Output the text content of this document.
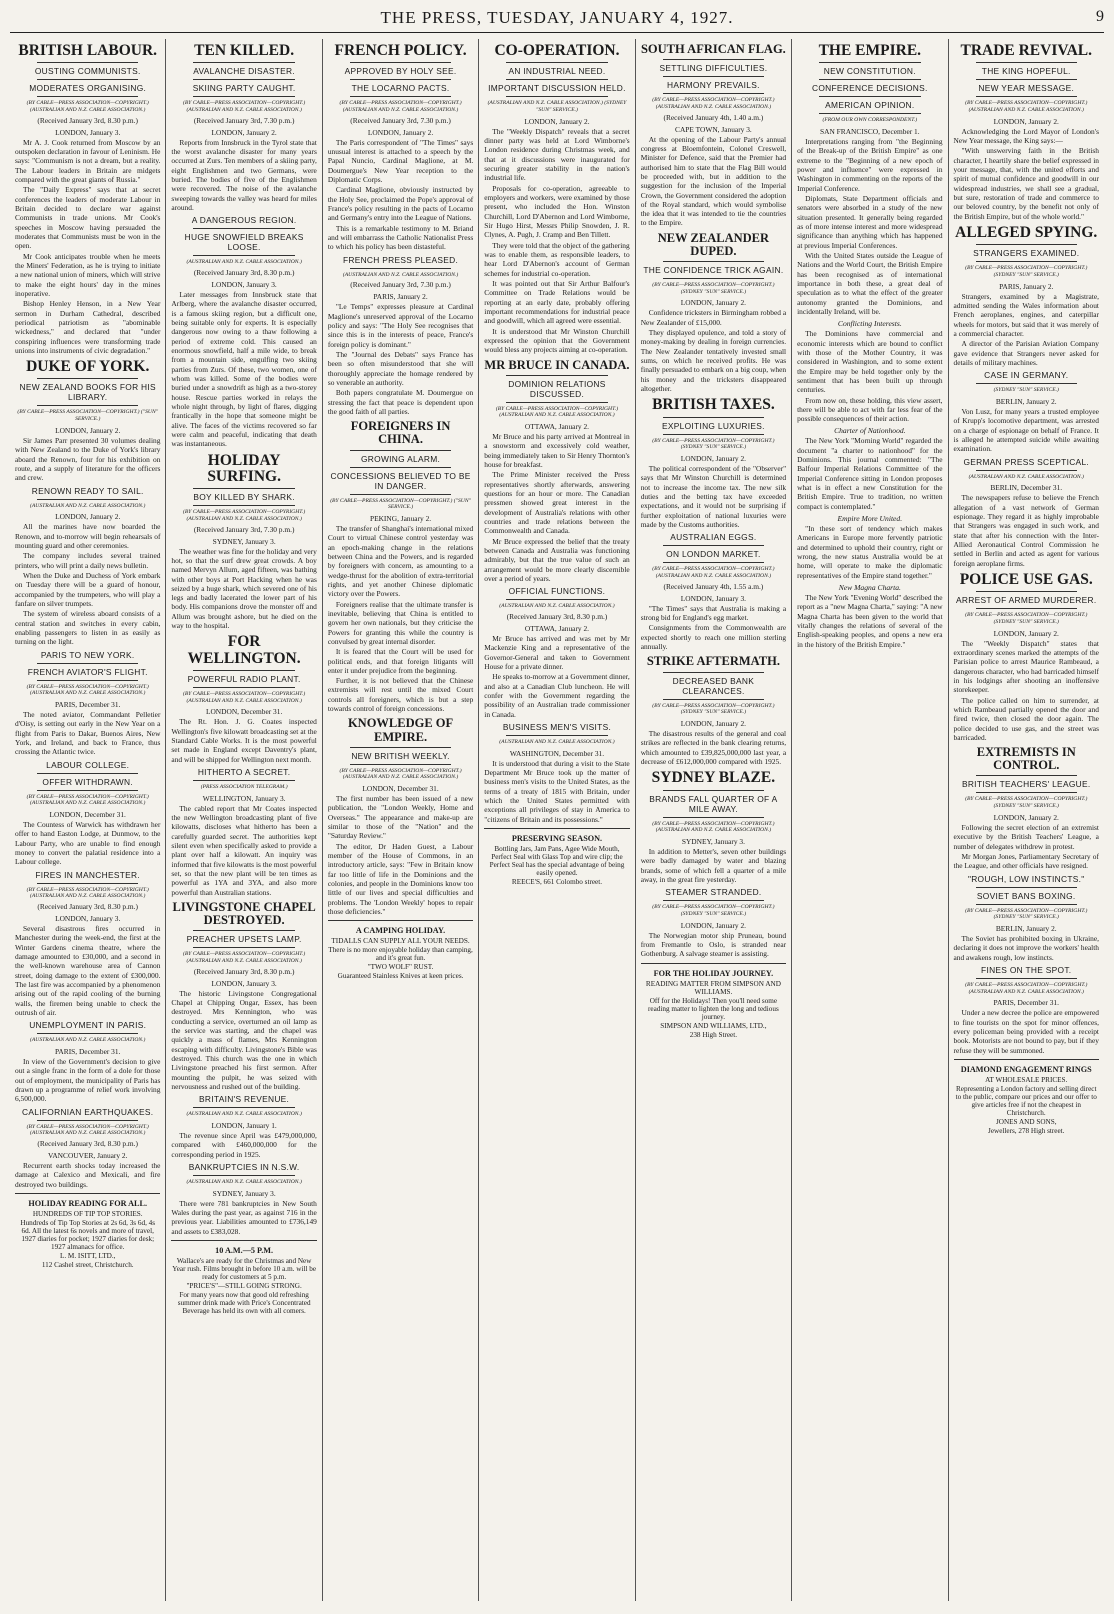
THE PRESS, TUESDAY, JANUARY 4, 1927.	9
BRITISH LABOUR.
OUSTING COMMUNISTS.
MODERATES ORGANISING.
(BY CABLE—PRESS ASSOCIATION—COPYRIGHT.) (AUSTRALIAN AND N.Z. CABLE ASSOCIATION.)
(Received January 3rd, 8.30 p.m.)
LONDON, January 3.

Mr A. J. Cook returned from Moscow by an outspoken declaration in favour of Leninism. He says: "Communism is not a dream, but a reality. The Labour leaders in Britain are midgets compared with the great giants of Russia."

The "Daily Express" says that at secret conferences the leaders of moderate Labour in Britain decided to declare war against Communists in trade unions. Mr Cook's speeches in Moscow having persuaded the moderates that Communists must be won in the open.

Mr Cook anticipates trouble when he meets the Miners' Federation, as he is trying to initiate a new national union of miners, which will strive to make the eight hours' day in the mines inoperative.

Bishop Henley Henson, in a New Year sermon in Durham Cathedral, described periodical patriotism as "abominable wickedness," and declared that "under conspiring influences were transforming trade unions into instruments of civic degradation."

DUKE OF YORK.
NEW ZEALAND BOOKS FOR HIS LIBRARY.
(BY CABLE—PRESS ASSOCIATION—COPYRIGHT.) ("SUN" SERVICE.)
LONDON, January 2.

Sir James Parr presented 30 volumes dealing with New Zealand to the Duke of York's library aboard the Renown, four for his exhibition on route, and a supply of literature for the officers and crew.

RENOWN READY TO SAIL.
(AUSTRALIAN AND N.Z. CABLE ASSOCIATION.)
LONDON, January 2.

All the marines have now boarded the Renown, and to-morrow will begin rehearsals of mounting guard and other ceremonies.

The company includes several trained printers, who will print a daily news bulletin.

When the Duke and Duchess of York embark on Tuesday there will be a guard of honour, accompanied by the trumpeters, who will play a fanfare on silver trumpets.

The system of wireless aboard consists of a central station and switches in every cabin, enabling passengers to listen in as easily as turning on the light.

PARIS TO NEW YORK.
FRENCH AVIATOR'S FLIGHT.
(BY CABLE—PRESS ASSOCIATION—COPYRIGHT.) (AUSTRALIAN AND N.Z. CABLE ASSOCIATION.)
PARIS, December 31.

The noted aviator, Commandant Pelletier d'Oisy, is setting out early in the New Year on a flight from Paris to Dakar, Buenos Aires, New York, and Ireland, and back to France, thus crossing the Atlantic twice.

LABOUR COLLEGE.
OFFER WITHDRAWN.
(BY CABLE—PRESS ASSOCIATION—COPYRIGHT.) (AUSTRALIAN AND N.Z. CABLE ASSOCIATION.)
LONDON, December 31.

The Countess of Warwick has withdrawn her offer to hand Easton Lodge, at Dunmow, to the Labour Party, who are unable to find enough money to convert the palatial residence into a Labour college.

FIRES IN MANCHESTER.
(BY CABLE—PRESS ASSOCIATION—COPYRIGHT.) (AUSTRALIAN AND N.Z. CABLE ASSOCIATION.)
(Received January 3rd, 8.30 p.m.)
LONDON, January 3.

Several disastrous fires occurred in Manchester during the week-end, the first at the Winter Gardens cinema theatre, where the damage amounted to £30,000, and a second in the well-known warehouse area of Cannon street, doing damage to the extent of £300,000. The last fire was accompanied by a phenomenon arising out of the rapid cooling of the burning walls, the firemen being unable to check the outrush of air.

UNEMPLOYMENT IN PARIS.
(AUSTRALIAN AND N.Z. CABLE ASSOCIATION.)
PARIS, December 31.

In view of the Government's decision to give out a single franc in the form of a dole for those out of employment, the municipality of Paris has drawn up a programme of relief work involving 6,500,000.

CALIFORNIAN EARTHQUAKES.
(BY CABLE—PRESS ASSOCIATION—COPYRIGHT.) (AUSTRALIAN AND N.Z. CABLE ASSOCIATION.)
(Received January 3rd, 8.30 p.m.)
VANCOUVER, January 2.

Recurrent earth shocks today increased the damage at Calexico and Mexicali, and fire destroyed two buildings.

HOLIDAY READING FOR ALL.
HUNDREDS OF TIP TOP STORIES.
Hundreds of Tip Top Stories at 2s 6d, 3s 6d, 4s 6d. All the latest 6s novels and more of travel, 1927 diaries for pocket; 1927 diaries for desk; 1927 almanacs for office.
L. M. ISITT, LTD.,
112 Cashel street, Christchurch.
TEN KILLED.
AVALANCHE DISASTER.
SKIING PARTY CAUGHT.
(BY CABLE—PRESS ASSOCIATION—COPYRIGHT.) (AUSTRALIAN AND N.Z. CABLE ASSOCIATION.)
(Received January 3rd, 7.30 p.m.)
LONDON, January 2.

Reports from Innsbruck in the Tyrol state that the worst avalanche disaster for many years occurred at Zurs. Ten members of a skiing party, eight Englishmen and two Germans, were buried. The bodies of five of the Englishmen were recovered. The noise of the avalanche sweeping towards the valley was heard for miles around.

A DANGEROUS REGION.
HUGE SNOWFIELD BREAKS LOOSE.
(AUSTRALIAN AND N.Z. CABLE ASSOCIATION.)
(Received January 3rd, 8.30 p.m.)
LONDON, January 3.

Later messages from Innsbruck state that Arlberg, where the avalanche disaster occurred, is a famous skiing region, but a difficult one, being suitable only for experts. It is especially dangerous now owing to a thaw following a period of extreme cold. This caused an enormous snowfield, half a mile wide, to break from a mountain side, engulfing two skiing parties from Zurs. Of these, two women, one of whom was killed. Some of the bodies were buried under a snowdrift as high as a two-storey house. Rescue parties worked in relays the whole night through, by light of flares, digging frantically in the hope that someone might be alive. The faces of the victims recovered so far were calm and peaceful, indicating that death was instantaneous.

HOLIDAY SURFING.
BOY KILLED BY SHARK.
(BY CABLE—PRESS ASSOCIATION—COPYRIGHT.) (AUSTRALIAN AND N.Z. CABLE ASSOCIATION.)
(Received January 3rd, 7.30 p.m.)
SYDNEY, January 3.

The weather was fine for the holiday and very hot, so that the surf drew great crowds. A boy named Mervyn Allum, aged fifteen, was bathing with other boys at Port Hacking when he was seized by a huge shark, which severed one of his legs and badly lacerated the lower part of his body. His companions drove the monster off and Allum was brought ashore, but he died on the way to the hospital.

FOR WELLINGTON.
POWERFUL RADIO PLANT.
(BY CABLE—PRESS ASSOCIATION—COPYRIGHT.) (AUSTRALIAN AND N.Z. CABLE ASSOCIATION.)
LONDON, December 31.

The Rt. Hon. J. G. Coates inspected Wellington's five kilowatt broadcasting set at the Standard Cable Works. It is the most powerful set made in England except Daventry's plant, and will be shipped for Wellington next month.

HITHERTO A SECRET.
(PRESS ASSOCIATION TELEGRAM.)
WELLINGTON, January 3.

The cabled report that Mr Coates inspected the new Wellington broadcasting plant of five kilowatts, discloses what hitherto has been a carefully guarded secret. The authorities kept silent even when specifically asked to provide a plant over half a kilowatt. An inquiry was informed that five kilowatts is the most powerful set, so that the new plant will be ten times as powerful as 1YA and 3YA, and also more powerful than Australian stations.

LIVINGSTONE CHAPEL DESTROYED.
PREACHER UPSETS LAMP.
(BY CABLE—PRESS ASSOCIATION—COPYRIGHT.) (AUSTRALIAN AND N.Z. CABLE ASSOCIATION.)
(Received January 3rd, 8.30 p.m.)
LONDON, January 3.

The historic Livingstone Congregational Chapel at Chipping Ongar, Essex, has been destroyed. Mrs Kennington, who was conducting a service, overturned an oil lamp as the service was starting, and the chapel was quickly a mass of flames, Mrs Kennington escaping with difficulty. Livingstone's Bible was destroyed. This church was the one in which Livingstone preached his first sermon. After mounting the pulpit, he was seized with nervousness and rushed out of the building.

BRITAIN'S REVENUE.
(AUSTRALIAN AND N.Z. CABLE ASSOCIATION.)
LONDON, January 1.

The revenue since April was £479,000,000, compared with £460,000,000 for the corresponding period in 1925.

BANKRUPTCIES IN N.S.W.
(AUSTRALIAN AND N.Z. CABLE ASSOCIATION.)
SYDNEY, January 3.

There were 781 bankruptcies in New South Wales during the past year, as against 716 in the previous year. Liabilities amounted to £736,149 and assets to £383,028.

10 A.M.—5 P.M.
Wallace's are ready for the Christmas and New Year rush. Films brought in before 10 a.m. will be ready for customers at 5 p.m.
"PRICE'S"—STILL GOING STRONG.
For many years now that good old refreshing summer drink made with Price's Concentrated Beverage has held its own with all comers.
FRENCH POLICY.
APPROVED BY HOLY SEE.
THE LOCARNO PACTS.
(BY CABLE—PRESS ASSOCIATION—COPYRIGHT.) (AUSTRALIAN AND N.Z. CABLE ASSOCIATION.)
(Received January 3rd, 7.30 p.m.)
LONDON, January 2.

The Paris correspondent of "The Times" says unusual interest is attached to a speech by the Papal Nuncio, Cardinal Maglione, at M. Doumergue's New Year reception to the Diplomatic Corps.

Cardinal Maglione, obviously instructed by the Holy See, proclaimed the Pope's approval of France's policy resulting in the pacts of Locarno and Germany's entry into the League of Nations.

This is a remarkable testimony to M. Briand and will embarrass the Catholic Nationalist Press to which his policy has been distasteful.

FRENCH PRESS PLEASED.
(AUSTRALIAN AND N.Z. CABLE ASSOCIATION.)
(Received January 3rd, 7.30 p.m.)
PARIS, January 2.

"Le Temps" expresses pleasure at Cardinal Maglione's unreserved approval of the Locarno policy and says: "The Holy See recognises that since this is in the interests of peace, France's foreign policy is dominant."

The "Journal des Debats" says France has been so often misunderstood that she will thoroughly appreciate the homage rendered by so venerable an authority.

Both papers congratulate M. Doumergue on stressing the fact that peace is dependent upon the good faith of all parties.

FOREIGNERS IN CHINA.
GROWING ALARM.
CONCESSIONS BELIEVED TO BE IN DANGER.
(BY CABLE—PRESS ASSOCIATION—COPYRIGHT.) ("SUN" SERVICE.)
PEKING, January 2.

The transfer of Shanghai's international mixed Court to virtual Chinese control yesterday was an epoch-making change in the relations between China and the Powers, and is regarded by foreigners with concern, as amounting to a wedge-thrust for the abolition of extra-territorial rights, and yet another Chinese diplomatic victory over the Powers.

Foreigners realise that the ultimate transfer is inevitable, believing that China is entitled to govern her own nationals, but they criticise the Powers for granting this while the country is convulsed by great internal disorder.

It is feared that the Court will be used for political ends, and that foreign litigants will enter it under prejudice from the beginning.

Further, it is not believed that the Chinese extremists will rest until the mixed Court controls all foreigners, which is but a step towards control of foreign concessions.

KNOWLEDGE OF EMPIRE.
NEW BRITISH WEEKLY.
(BY CABLE—PRESS ASSOCIATION—COPYRIGHT.) (AUSTRALIAN AND N.Z. CABLE ASSOCIATION.)
LONDON, December 31.

The first number has been issued of a new publication, the "London Weekly, Home and Overseas." The appearance and make-up are similar to those of the "Nation" and the "Saturday Review."

The editor, Dr Haden Guest, a Labour member of the House of Commons, in an introductory article, says: "Few in Britain know far too little of life in the Dominions and the colonies, and people in the Dominions know too little of our lives and special difficulties and problems. The 'London Weekly' hopes to repair those deficiencies."

A CAMPING HOLIDAY.
TIDALLS CAN SUPPLY ALL YOUR NEEDS.
There is no more enjoyable holiday than camping, and it's great fun.
"TWO WOLF" RUST.
Guaranteed Stainless Knives at keen prices.
CO-OPERATION.
AN INDUSTRIAL NEED.
IMPORTANT DISCUSSION HELD.
(AUSTRALIAN AND N.Z. CABLE ASSOCIATION.) (SYDNEY "SUN" SERVICE.)
LONDON, January 2.

The "Weekly Dispatch" reveals that a secret dinner party was held at Lord Wimborne's London residence during Christmas week, and that at it discussions were inaugurated for securing greater stability in the nation's industrial life.

Proposals for co-operation, agreeable to employers and workers, were examined by those present, who included the Hon. Winston Churchill, Lord D'Abernon and Lord Wimborne, Sir Hugo Hirst, Messrs Philip Snowden, J. R. Clynes, A. Pugh, J. Cramp and Ben Tillett.

They were told that the object of the gathering was to enable them, as responsible leaders, to hear Lord D'Abernon's account of German schemes for industrial co-operation.

It was pointed out that Sir Arthur Balfour's Committee on Trade Relations would be reporting at an early date, probably offering important recommendations for industrial peace and goodwill, which all agreed were essential.

It is understood that Mr Winston Churchill expressed the opinion that the Government would bless any projects aiming at co-operation.

MR BRUCE IN CANADA.
DOMINION RELATIONS DISCUSSED.
(BY CABLE—PRESS ASSOCIATION—COPYRIGHT.) (AUSTRALIAN AND N.Z. CABLE ASSOCIATION.)
OTTAWA, January 2.

Mr Bruce and his party arrived at Montreal in a snowstorm and excessively cold weather, being immediately taken to Sir Henry Thornton's house for breakfast.

The Prime Minister received the Press representatives shortly afterwards, answering questions for an hour or more. The Canadian pressmen showed great interest in the development of Australia's relations with other countries and trade relations between the Commonwealth and Canada.

Mr Bruce expressed the belief that the treaty between Canada and Australia was functioning admirably, but that the true value of such an arrangement would be more clearly discernible over a period of years.

OFFICIAL FUNCTIONS.
(AUSTRALIAN AND N.Z. CABLE ASSOCIATION.)
(Received January 3rd, 8.30 p.m.)
OTTAWA, January 2.

Mr Bruce has arrived and was met by Mr Mackenzie King and a representative of the Governor-General and taken to Government House for a private dinner.

He speaks to-morrow at a Government dinner, and also at a Canadian Club luncheon. He will confer with the Government regarding the possibility of an Australian trade commissioner in Canada.

BUSINESS MEN'S VISITS.
(AUSTRALIAN AND N.Z. CABLE ASSOCIATION.)
WASHINGTON, December 31.

It is understood that during a visit to the State Department Mr Bruce took up the matter of business men's visits to the United States, as the terms of a treaty of 1815 with Britain, under which the United States permitted with exceptions all privileges of stay in America to "citizens of Britain and its possessions."

PRESERVING SEASON.
Bottling Jars, Jam Pans, Agee Wide Mouth, Perfect Seal with Glass Top and wire clip; the Perfect Seal has the special advantage of being easily opened.
REECE'S, 661 Colombo street.
SOUTH AFRICAN FLAG.
SETTLING DIFFICULTIES.
HARMONY PREVAILS.
(BY CABLE—PRESS ASSOCIATION—COPYRIGHT.) (AUSTRALIAN AND N.Z. CABLE ASSOCIATION.)
(Received January 4th, 1.40 a.m.)
CAPE TOWN, January 3.

At the opening of the Labour Party's annual congress at Bloemfontein, Colonel Creswell, Minister for Defence, said that the Premier had authorised him to state that the Flag Bill would be proceeded with, but in addition to the suggestion for the inclusion of the Imperial Crown, the Government considered the adoption of the Royal standard, which would symbolise the idea that it was intended to tie the countries to the Empire.

NEW ZEALANDER DUPED.
THE CONFIDENCE TRICK AGAIN.
(BY CABLE—PRESS ASSOCIATION—COPYRIGHT.) (SYDNEY "SUN" SERVICE.)
LONDON, January 2.

Confidence tricksters in Birmingham robbed a New Zealander of £15,000.

They displayed opulence, and told a story of money-making by dealing in foreign currencies. The New Zealander tentatively invested small sums, on which he received profits. He was finally persuaded to embark on a big coup, when his money and the tricksters disappeared altogether.

BRITISH TAXES.
EXPLOITING LUXURIES.
(BY CABLE—PRESS ASSOCIATION—COPYRIGHT.) (SYDNEY "SUN" SERVICE.)
LONDON, January 2.

The political correspondent of the "Observer" says that Mr Winston Churchill is determined not to increase the income tax. The new silk duties and the betting tax have exceeded expectations, and it would not be surprising if further exploitation of national luxuries were made by the Customs authorities.

AUSTRALIAN EGGS.
ON LONDON MARKET.
(BY CABLE—PRESS ASSOCIATION—COPYRIGHT.) (AUSTRALIAN AND N.Z. CABLE ASSOCIATION.)
(Received January 4th, 1.55 a.m.)
LONDON, January 3.

"The Times" says that Australia is making a strong bid for England's egg market.

Consignments from the Commonwealth are expected shortly to reach one million sterling annually.

STRIKE AFTERMATH.
DECREASED BANK CLEARANCES.
(BY CABLE—PRESS ASSOCIATION—COPYRIGHT.) (SYDNEY "SUN" SERVICE.)
LONDON, January 2.

The disastrous results of the general and coal strikes are reflected in the bank clearing returns, which amounted to £39,825,000,000 last year, a decrease of £612,000,000 compared with 1925.

SYDNEY BLAZE.
BRANDS FALL QUARTER OF A MILE AWAY.
(BY CABLE—PRESS ASSOCIATION—COPYRIGHT.) (AUSTRALIAN AND N.Z. CABLE ASSOCIATION.)
SYDNEY, January 3.

In addition to Metter's, seven other buildings were badly damaged by water and blazing brands, some of which fell a quarter of a mile away, in the great fire yesterday.

STEAMER STRANDED.
(BY CABLE—PRESS ASSOCIATION—COPYRIGHT.) (SYDNEY "SUN" SERVICE.)
LONDON, January 2.

The Norwegian motor ship Pruneau, bound from Fremantle to Oslo, is stranded near Gothenburg. A salvage steamer is assisting.

FOR THE HOLIDAY JOURNEY.
READING MATTER FROM SIMPSON AND WILLIAMS.
Off for the Holidays! Then you'll need some reading matter to lighten the long and tedious journey.
SIMPSON AND WILLIAMS, LTD.,
238 High Street.
THE EMPIRE.
NEW CONSTITUTION.
CONFERENCE DECISIONS.
AMERICAN OPINION.
(FROM OUR OWN CORRESPONDENT.)
SAN FRANCISCO, December 1.

Interpretations ranging from "the Beginning of the Break-up of the British Empire" as one extreme to the "Beginning of a new epoch of power and influence" were expressed in Washington in commenting on the reports of the Imperial Conference.

Diplomats, State Department officials and senators were absorbed in a study of the new situation presented. It generally being regarded as of more intense interest and more widespread significance than anything which has happened at previous Imperial Conferences.

With the United States outside the League of Nations and the World Court, the British Empire has been recognised as of international importance in both these, a great deal of speculation as to what the effect of the greater autonomy granted the Dominions, and incidentally Ireland, will be.

Conflicting Interests.

The Dominions have commercial and economic interests which are bound to conflict with those of the Mother Country, it was considered in Washington, and to some extent the Empire may be held together only by the sentiment that has been built up through centuries.

From now on, these holding, this view assert, there will be able to act with far less fear of the possible consequences of their action.

Charter of Nationhood.

The New York "Morning World" regarded the document "a charter to nationhood" for the Dominions. This journal commented: "The Balfour Imperial Relations Committee of the Imperial Conference sitting in London proposes what is in effect a new Constitution for the British Empire. True to tradition, no written compact is contemplated."

Empire More United.

"In these sort of tendency which makes Americans in Europe more fervently patriotic and determined to uphold their country, right or wrong, the new status Australia would be at home, will operate to make the diplomatic representatives of the Empire stand together."

New Magna Charta.

The New York "Evening World" described the report as a "new Magna Charta," saying: "A new Magna Charta has been given to the world that vitally changes the relations of several of the English-speaking peoples, and opens a new era in the history of the British Empire."

TRADE REVIVAL.
THE KING HOPEFUL.
NEW YEAR MESSAGE.
(BY CABLE—PRESS ASSOCIATION—COPYRIGHT.) (AUSTRALIAN AND N.Z. CABLE ASSOCIATION.)
LONDON, January 2.

Acknowledging the Lord Mayor of London's New Year message, the King says:—

"With unswerving faith in the British character, I heartily share the belief expressed in your message, that, with the united efforts and spirit of mutual confidence and goodwill in our widespread industries, we shall see a gradual, but sure, restoration of trade and commerce to our beloved country, by the benefit not only of the British Empire, but of the whole world."

ALLEGED SPYING.
STRANGERS EXAMINED.
(BY CABLE—PRESS ASSOCIATION—COPYRIGHT.) (SYDNEY "SUN" SERVICE.)
PARIS, January 2.

Strangers, examined by a Magistrate, admitted sending the Wales information about French aeroplanes, engines, and caterpillar wheels for motors, but said that it was merely of a commercial character.

A director of the Parisian Aviation Company gave evidence that Strangers never asked for details of military machines.

CASE IN GERMANY.
(SYDNEY "SUN" SERVICE.)
BERLIN, January 2.

Von Lusz, for many years a trusted employee of Krupp's locomotive department, was arrested on a charge of espionage on behalf of France. It is alleged he attempted suicide while awaiting examination.

GERMAN PRESS SCEPTICAL.
(AUSTRALIAN AND N.Z. CABLE ASSOCIATION.)
BERLIN, December 31.

The newspapers refuse to believe the French allegation of a vast network of German espionage. They regard it as highly improbable that Strangers was engaged in such work, and state that after his connection with the Inter-Allied Aeronautical Control Commission he settled in Berlin and acted as agent for various foreign aeroplane firms.

POLICE USE GAS.
ARREST OF ARMED MURDERER.
(BY CABLE—PRESS ASSOCIATION—COPYRIGHT.) (SYDNEY "SUN" SERVICE.)
LONDON, January 2.

The "Weekly Dispatch" states that extraordinary scenes marked the attempts of the Parisian police to arrest Maurice Rambeaud, a dangerous character, who had barricaded himself in his lodgings after shooting an inoffensive storekeeper.

The police called on him to surrender, at which Rambeaud partially opened the door and fired twice, then closed the door again. The police decided to use gas, and the street was barricaded.

EXTREMISTS IN CONTROL.
BRITISH TEACHERS' LEAGUE.
(BY CABLE—PRESS ASSOCIATION—COPYRIGHT.) (SYDNEY "SUN" SERVICE.)
LONDON, January 2.

Following the secret election of an extremist executive by the British Teachers' League, a number of delegates withdrew in protest.

Mr Morgan Jones, Parliamentary Secretary of the League, and other officials have resigned.

"ROUGH, LOW INSTINCTS."
SOVIET BANS BOXING.
(BY CABLE—PRESS ASSOCIATION—COPYRIGHT.) (SYDNEY "SUN" SERVICE.)
BERLIN, January 2.

The Soviet has prohibited boxing in Ukraine, declaring it does not improve the workers' health and awakens rough, low instincts.

FINES ON THE SPOT.
(BY CABLE—PRESS ASSOCIATION—COPYRIGHT.) (AUSTRALIAN AND N.Z. CABLE ASSOCIATION.)
PARIS, December 31.

Under a new decree the police are empowered to fine tourists on the spot for minor offences, every policeman being provided with a receipt book. Motorists are not bound to pay, but if they refuse they will be summoned.

DIAMOND ENGAGEMENT RINGS
AT WHOLESALE PRICES.
Representing a London factory and selling direct to the public, compare our prices and our offer to give articles free if not the cheapest in Christchurch.
JONES AND SONS,
Jewellers, 278 High street.
